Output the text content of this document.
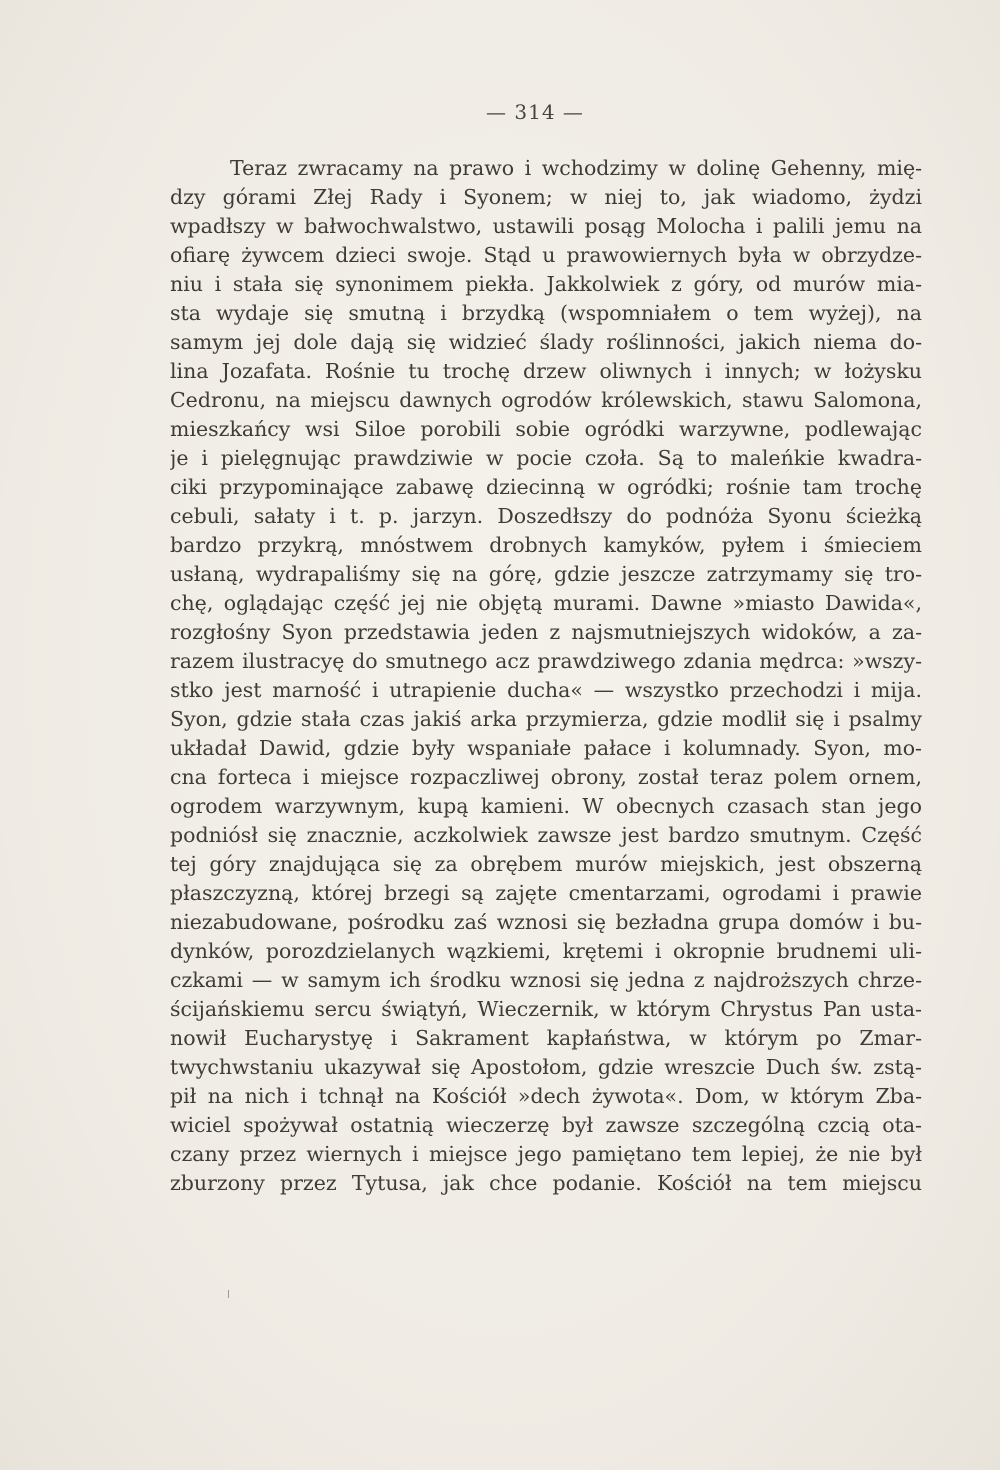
— 314 —
Teraz zwracamy na prawo i wchodzimy w dolinę Gehenny, mię-
dzy górami Złej Rady i Syonem; w niej to, jak wiadomo, żydzi
wpadłszy w bałwochwalstwo, ustawili posąg Molocha i palili jemu na
ofiarę żywcem dzieci swoje. Stąd u prawowiernych była w obrzydze-
niu i stała się synonimem piekła. Jakkolwiek z góry, od murów mia-
sta wydaje się smutną i brzydką (wspomniałem o tem wyżej), na
samym jej dole dają się widzieć ślady roślinności, jakich niema do-
lina Jozafata. Rośnie tu trochę drzew oliwnych i innych; w łożysku
Cedronu, na miejscu dawnych ogrodów królewskich, stawu Salomona,
mieszkańcy wsi Siloe porobili sobie ogródki warzywne, podlewając
je i pielęgnując prawdziwie w pocie czoła. Są to maleńkie kwadra-
ciki przypominające zabawę dziecinną w ogródki; rośnie tam trochę
cebuli, sałaty i t. p. jarzyn. Doszedłszy do podnóża Syonu ścieżką
bardzo przykrą, mnóstwem drobnych kamyków, pyłem i śmieciem
usłaną, wydrapaliśmy się na górę, gdzie jeszcze zatrzymamy się tro-
chę, oglądając część jej nie objętą murami. Dawne »miasto Dawida«,
rozgłośny Syon przedstawia jeden z najsmutniejszych widoków, a za-
razem ilustracyę do smutnego acz prawdziwego zdania mędrca: »wszy-
stko jest marność i utrapienie ducha« — wszystko przechodzi i mija.
Syon, gdzie stała czas jakiś arka przymierza, gdzie modlił się i psalmy
układał Dawid, gdzie były wspaniałe pałace i kolumnady. Syon, mo-
cna forteca i miejsce rozpaczliwej obrony, został teraz polem ornem,
ogrodem warzywnym, kupą kamieni. W obecnych czasach stan jego
podniósł się znacznie, aczkolwiek zawsze jest bardzo smutnym. Część
tej góry znajdująca się za obrębem murów miejskich, jest obszerną
płaszczyzną, której brzegi są zajęte cmentarzami, ogrodami i prawie
niezabudowane, pośrodku zaś wznosi się bezładna grupa domów i bu-
dynków, porozdzielanych wązkiemi, krętemi i okropnie brudnemi uli-
czkami — w samym ich środku wznosi się jedna z najdroższych chrze-
ścijańskiemu sercu świątyń, Wieczernik, w którym Chrystus Pan usta-
nowił Eucharystyę i Sakrament kapłaństwa, w którym po Zmar-
twychwstaniu ukazywał się Apostołom, gdzie wreszcie Duch św. zstą-
pił na nich i tchnął na Kościół »dech żywota«. Dom, w którym Zba-
wiciel spożywał ostatnią wieczerzę był zawsze szczególną czcią ota-
czany przez wiernych i miejsce jego pamiętano tem lepiej, że nie był
zburzony przez Tytusa, jak chce podanie. Kościół na tem miejscu
